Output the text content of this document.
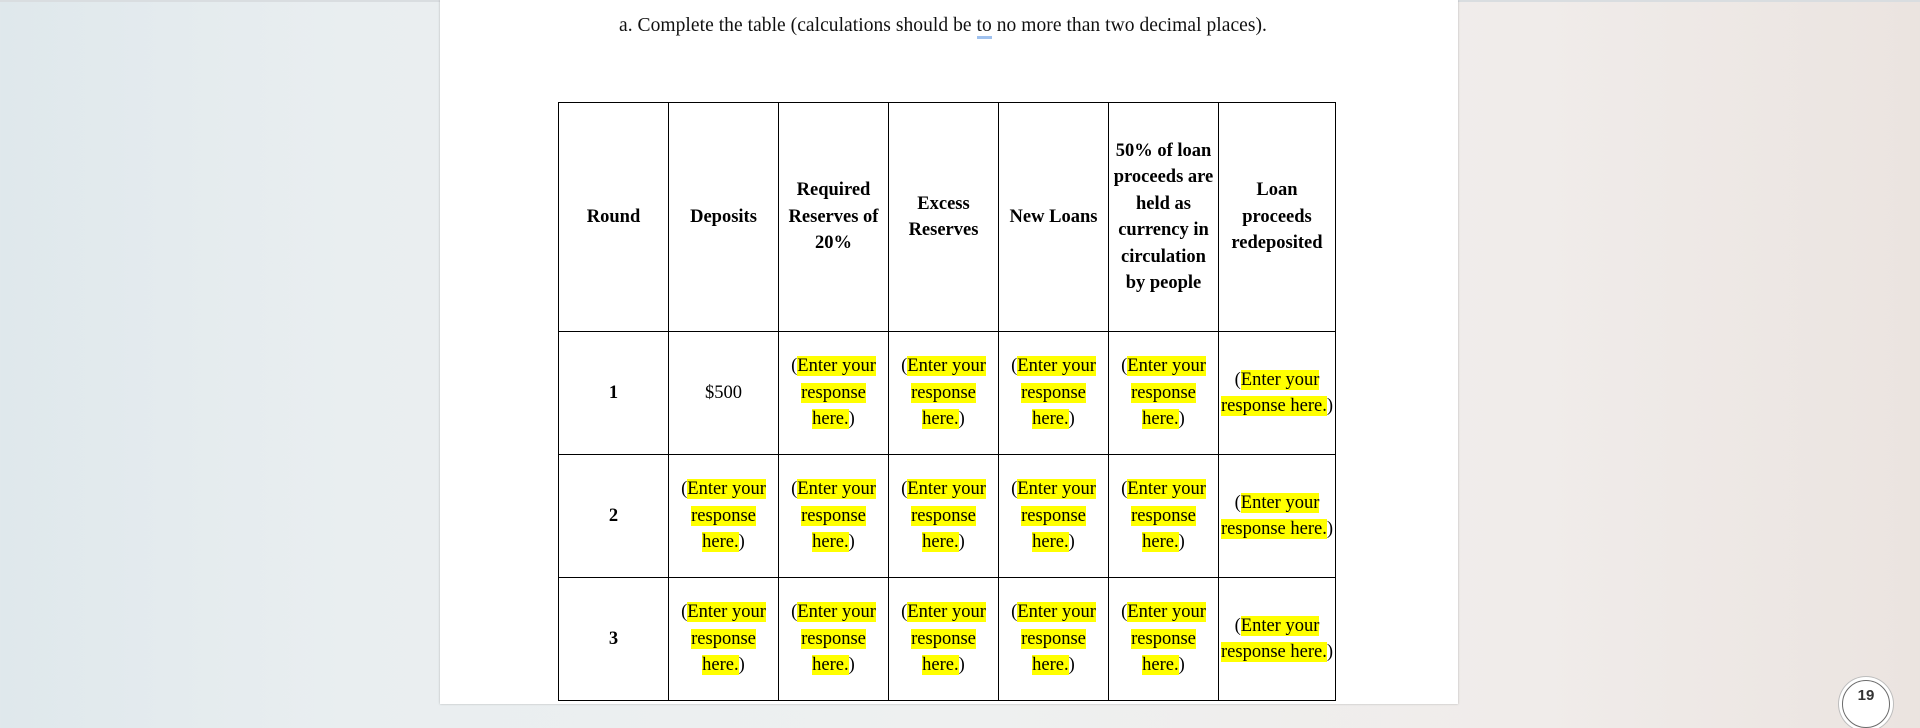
a. Complete the table (calculations should be to no more than two decimal places).
Round	Deposits	Required Reserves of 20%	Excess Reserves	New Loans	50% of loan proceeds are held as currency in circulation by people	Loan proceeds redeposited
1	$500	(Enter your response here.)	(Enter your response here.)	(Enter your response here.)	(Enter your response here.)	(Enter your response here.)
2	(Enter your response here.)	(Enter your response here.)	(Enter your response here.)	(Enter your response here.)	(Enter your response here.)	(Enter your response here.)
3	(Enter your response here.)	(Enter your response here.)	(Enter your response here.)	(Enter your response here.)	(Enter your response here.)	(Enter your response here.)
19
